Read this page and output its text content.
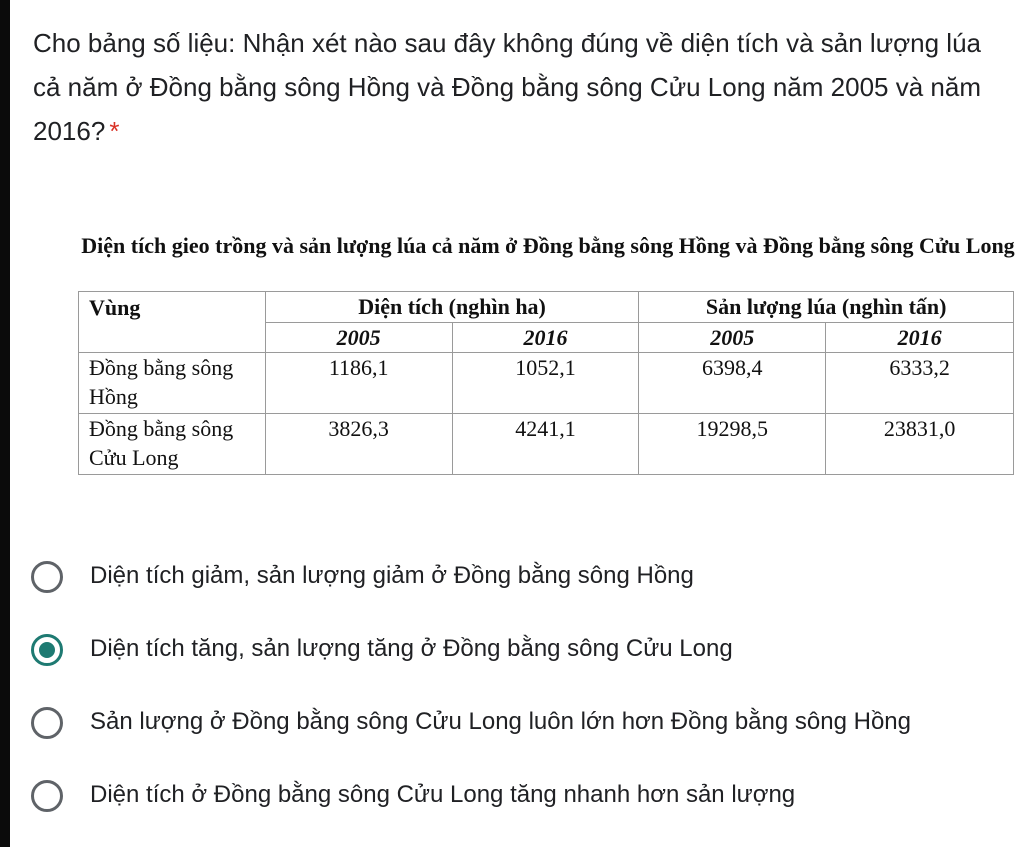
Cho bảng số liệu: Nhận xét nào sau đây không đúng về diện tích và sản lượng lúa cả năm ở Đồng bằng sông Hồng và Đồng bằng sông Cửu Long năm 2005 và năm 2016? *
Diện tích gieo trồng và sản lượng lúa cả năm ở Đồng bằng sông Hồng và Đồng bằng sông Cửu Long
Vùng	Diện tích (nghìn ha)		Sản lượng lúa (nghìn tấn)	
	2005	2016	2005	2016
Đồng bằng sông Hồng	1186,1	1052,1	6398,4	6333,2
Đồng bằng sông Cửu Long	3826,3	4241,1	19298,5	23831,0
Diện tích giảm, sản lượng giảm ở Đồng bằng sông Hồng
Diện tích tăng, sản lượng tăng ở Đồng bằng sông Cửu Long
Sản lượng ở Đồng bằng sông Cửu Long luôn lớn hơn Đồng bằng sông Hồng
Diện tích ở Đồng bằng sông Cửu Long tăng nhanh hơn sản lượng
